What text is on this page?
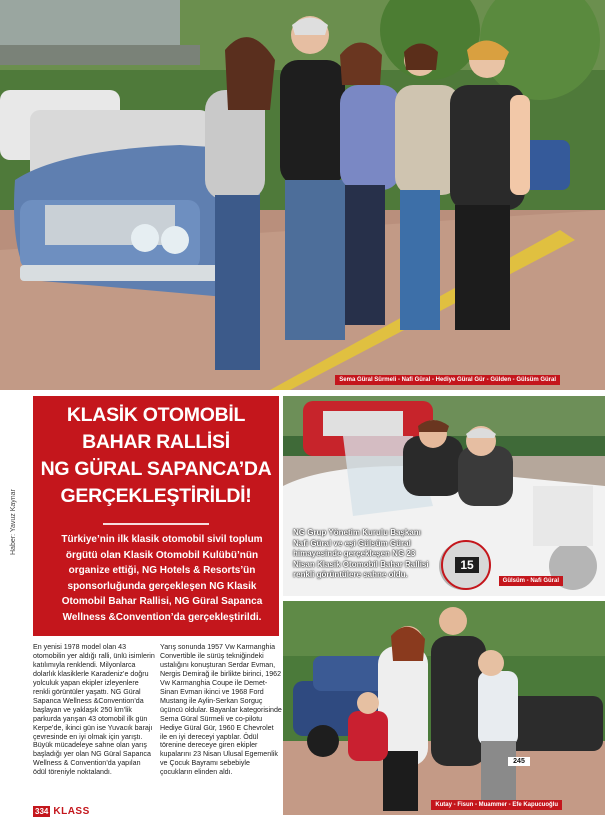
Sema Güral Sürmeli - Nafi Güral - Hediye Güral Gür - Gülden - Gülsüm Güral
KLASİK OTOMOBİL
BAHAR RALLİSİ
NG GÜRAL SAPANCA’DA
GERÇEKLEŞTİRİLDİ!
Türkiye’nin ilk klasik otomobil sivil toplum örgütü olan Klasik Otomobil Kulübü’nün organize ettiği, NG Hotels & Resorts’ün sponsorluğunda gerçekleşen NG Klasik Otomobil Bahar Rallisi, NG Güral Sapanca Wellness &Convention’da gerçekleştirildi.
Haber: Yavuz Kaynar	NG Grup Yönetim Kurulu Başkanı Nafi Güral ve eşi Gülsüm Güral himayesinde gerçekleşen NG 23 Nisan Klasik Otomobil Bahar Rallisi renkli görüntülere sahne oldu.
15
Gülsüm - Nafi Güral
245
Kutay - Fisun - Muammer - Efe Kapucuoğlu
En yenisi 1978 model olan 43 otomobilin yer aldığı ralli, ünlü isimlerin katılımıyla renklendi. Milyonlarca dolarlık klasiklerle Karadeniz’e doğru yolculuk yapan ekipler izleyenlere renkli görüntüler yaşattı. NG Güral Sapanca Wellness &Convention’da başlayan ve yaklaşık 250 km’lik parkurda yarışan 43 otomobil ilk gün Kerpe’de, ikinci gün ise Yuvacık barajı çevresinde en iyi olmak için yarıştı. Büyük mücadeleye sahne olan yarış başladığı yer olan NG Güral Sapanca Wellness & Convention’da yapılan ödül töreniyle noktalandı.
Yarış sonunda 1957 Vw Karmanghia Convertible ile sürüş tekniğindeki ustalığını konuşturan Serdar Evman, Nergis Demirağ ile birlikte birinci, 1962 Vw Karmanghia Coupe ile Demet-Sinan Evman ikinci ve 1968 Ford Mustang ile Aylin-Serkan Sorguç üçüncü oldular. Bayanlar kategorisinde Sema Güral Sürmeli ve co-pilotu Hediye Güral Gür, 1960 E Chevrolet ile en iyi dereceyi yaptılar. Ödül törenine dereceye giren ekipler kupalarını 23 Nisan Ulusal Egemenlik ve Çocuk Bayramı sebebiyle çocukların elinden aldı.
334 KLASS
